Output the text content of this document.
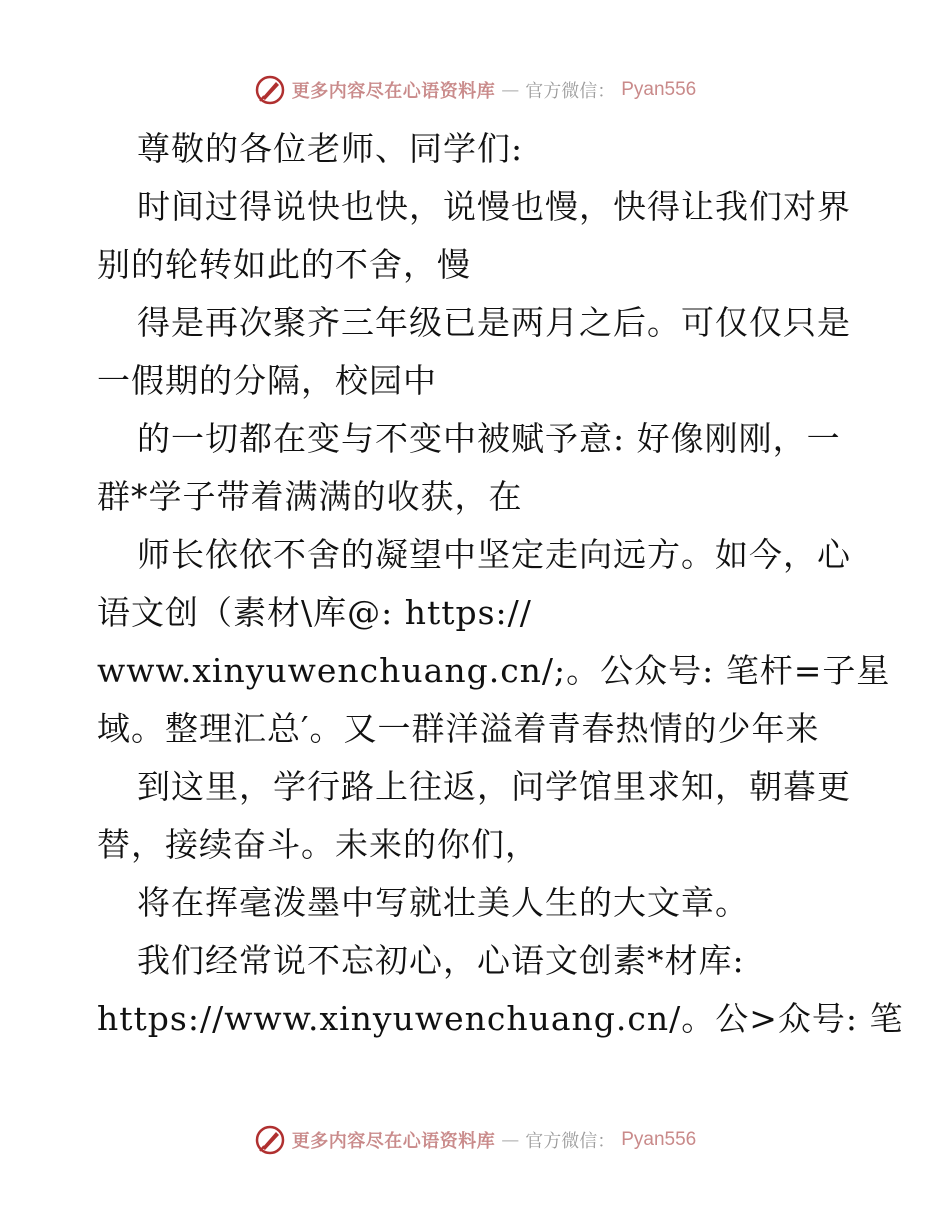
更多内容尽在心语资料库 — 官方微信： Pyan556
尊敬的各位老师、同学们:
时间过得说快也快，说慢也慢，快得让我们对界
别的轮转如此的不舍，慢
得是再次聚齐三年级已是两月之后。可仅仅只是
一假期的分隔，校园中
的一切都在变与不变中被赋予意: 好像刚刚，一
群*学子带着满满的收获，在
师长依依不舍的凝望中坚定走向远方。如今，心
语文创（素材\库@: https://
www.xinyuwenchuang.cn/;。公众号: 笔杆=子星
域。整理汇总′。又一群洋溢着青春热情的少年来
到这里，学行路上往返，问学馆里求知，朝暮更
替，接续奋斗。未来的你们，
将在挥毫泼墨中写就壮美人生的大文章。
我们经常说不忘初心，心语文创素*材库:
https://www.xinyuwenchuang.cn/。公>众号: 笔
更多内容尽在心语资料库 — 官方微信： Pyan556
